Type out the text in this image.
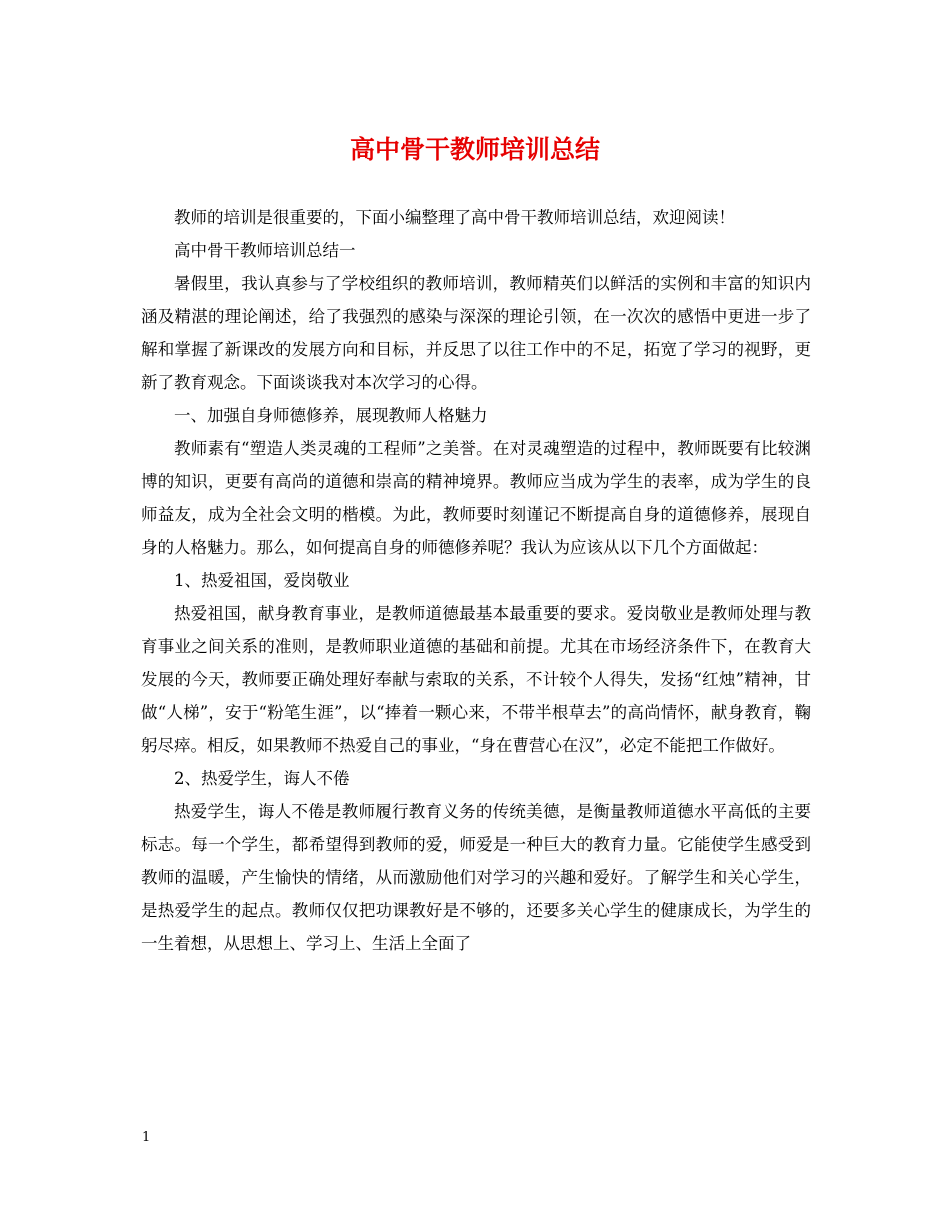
高中骨干教师培训总结

教师的培训是很重要的，下面小编整理了高中骨干教师培训总结，欢迎阅读！

高中骨干教师培训总结一

暑假里，我认真参与了学校组织的教师培训，教师精英们以鲜活的实例和丰富的知识内涵及精湛的理论阐述，给了我强烈的感染与深深的理论引领，在一次次的感悟中更进一步了解和掌握了新课改的发展方向和目标，并反思了以往工作中的不足，拓宽了学习的视野，更新了教育观念。下面谈谈我对本次学习的心得。

一、加强自身师德修养，展现教师人格魅力

教师素有“塑造人类灵魂的工程师”之美誉。在对灵魂塑造的过程中，教师既要有比较渊博的知识，更要有高尚的道德和崇高的精神境界。教师应当成为学生的表率，成为学生的良师益友，成为全社会文明的楷模。为此，教师要时刻谨记不断提高自身的道德修养，展现自身的人格魅力。那么，如何提高自身的师德修养呢？我认为应该从以下几个方面做起：

1、热爱祖国，爱岗敬业

热爱祖国，献身教育事业，是教师道德最基本最重要的要求。爱岗敬业是教师处理与教育事业之间关系的准则，是教师职业道德的基础和前提。尤其在市场经济条件下，在教育大发展的今天，教师要正确处理好奉献与索取的关系，不计较个人得失，发扬“红烛”精神，甘做“人梯”，安于“粉笔生涯”，以“捧着一颗心来，不带半根草去”的高尚情怀，献身教育，鞠躬尽瘁。相反，如果教师不热爱自己的事业，“身在曹营心在汉”，必定不能把工作做好。

2、热爱学生，诲人不倦

热爱学生，诲人不倦是教师履行教育义务的传统美德，是衡量教师道德水平高低的主要标志。每一个学生，都希望得到教师的爱，师爱是一种巨大的教育力量。它能使学生感受到教师的温暖，产生愉快的情绪，从而激励他们对学习的兴趣和爱好。了解学生和关心学生，是热爱学生的起点。教师仅仅把功课教好是不够的，还要多关心学生的健康成长，为学生的一生着想，从思想上、学习上、生活上全面了

1
